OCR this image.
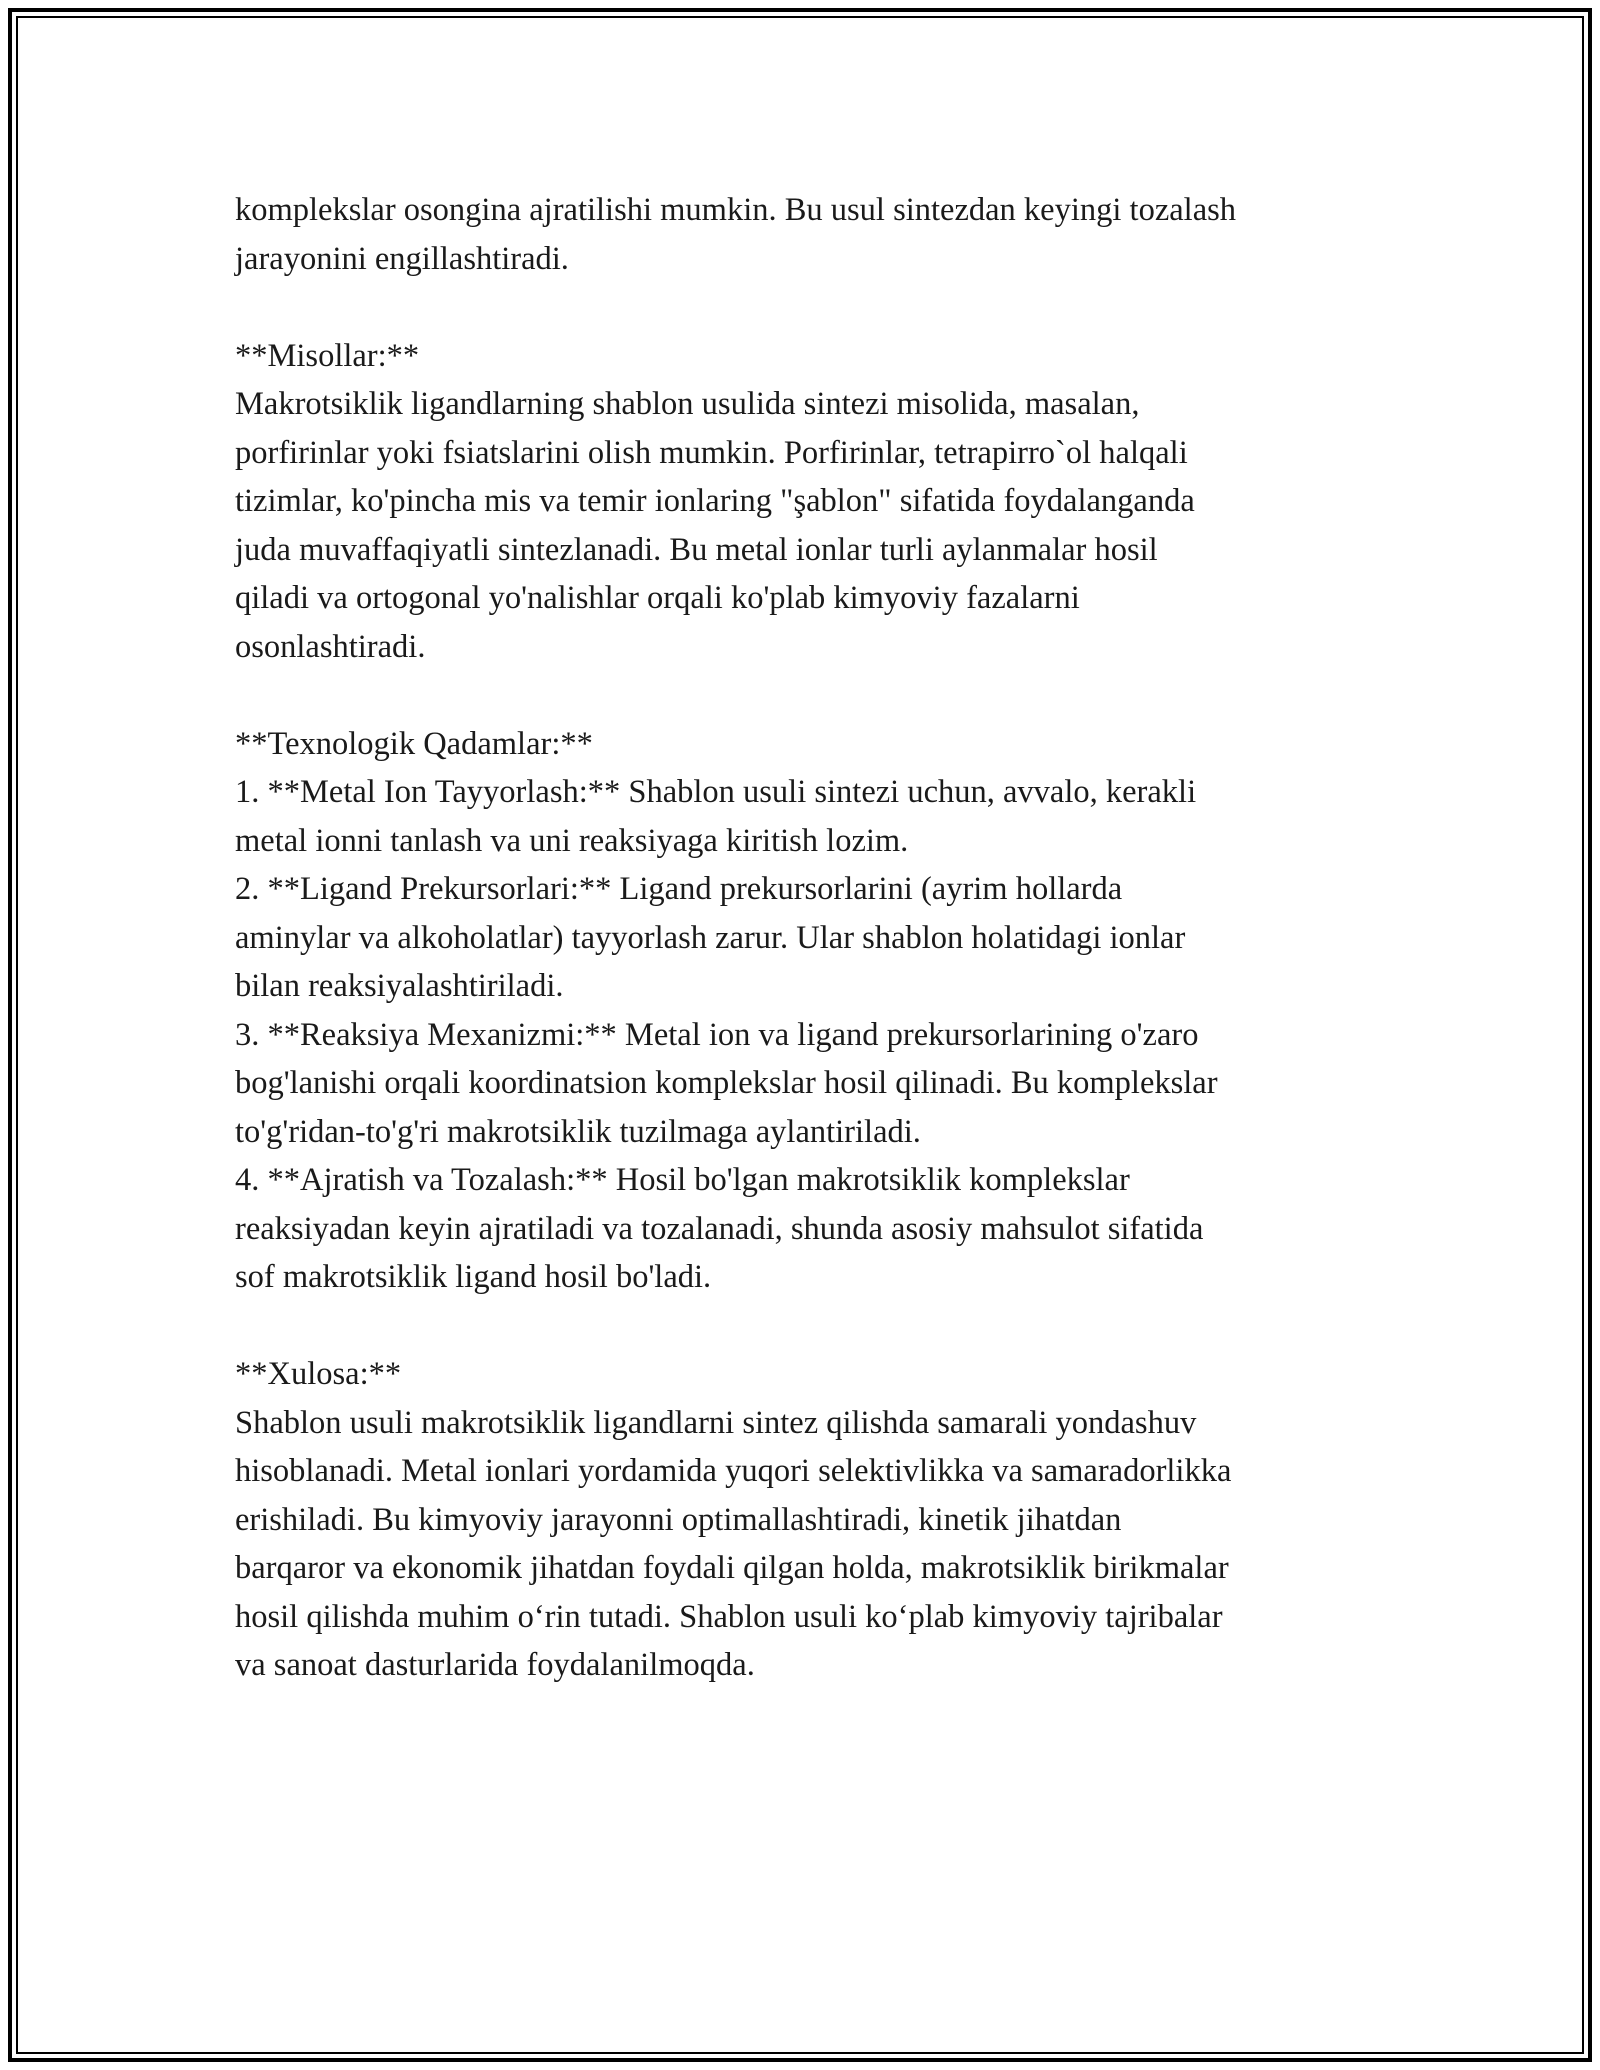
komplekslar osongina ajratilishi mumkin. Bu usul sintezdan keyingi tozalash

jarayonini engillashtiradi.

**Misollar:**

Makrotsiklik ligandlarning shablon usulida sintezi misolida, masalan,

porfirinlar yoki fsiatslarini olish mumkin. Porfirinlar, tetrapirro`ol halqali

tizimlar, ko'pincha mis va temir ionlaring "şablon" sifatida foydalanganda

juda muvaffaqiyatli sintezlanadi. Bu metal ionlar turli aylanmalar hosil

qiladi va ortogonal yo'nalishlar orqali ko'plab kimyoviy fazalarni

osonlashtiradi.

**Texnologik Qadamlar:**

1. **Metal Ion Tayyorlash:** Shablon usuli sintezi uchun, avvalo, kerakli

metal ionni tanlash va uni reaksiyaga kiritish lozim.

2. **Ligand Prekursorlari:** Ligand prekursorlarini (ayrim hollarda

aminylar va alkoholatlar) tayyorlash zarur. Ular shablon holatidagi ionlar

bilan reaksiyalashtiriladi.

3. **Reaksiya Mexanizmi:** Metal ion va ligand prekursorlarining o'zaro

bog'lanishi orqali koordinatsion komplekslar hosil qilinadi. Bu komplekslar

to'g'ridan-to'g'ri makrotsiklik tuzilmaga aylantiriladi.

4. **Ajratish va Tozalash:** Hosil bo'lgan makrotsiklik komplekslar

reaksiyadan keyin ajratiladi va tozalanadi, shunda asosiy mahsulot sifatida

sof makrotsiklik ligand hosil bo'ladi.

**Xulosa:**

Shablon usuli makrotsiklik ligandlarni sintez qilishda samarali yondashuv

hisoblanadi. Metal ionlari yordamida yuqori selektivlikka va samaradorlikka

erishiladi. Bu kimyoviy jarayonni optimallashtiradi, kinetik jihatdan

barqaror va ekonomik jihatdan foydali qilgan holda, makrotsiklik birikmalar

hosil qilishda muhim o‘rin tutadi. Shablon usuli ko‘plab kimyoviy tajribalar

va sanoat dasturlarida foydalanilmoqda.
